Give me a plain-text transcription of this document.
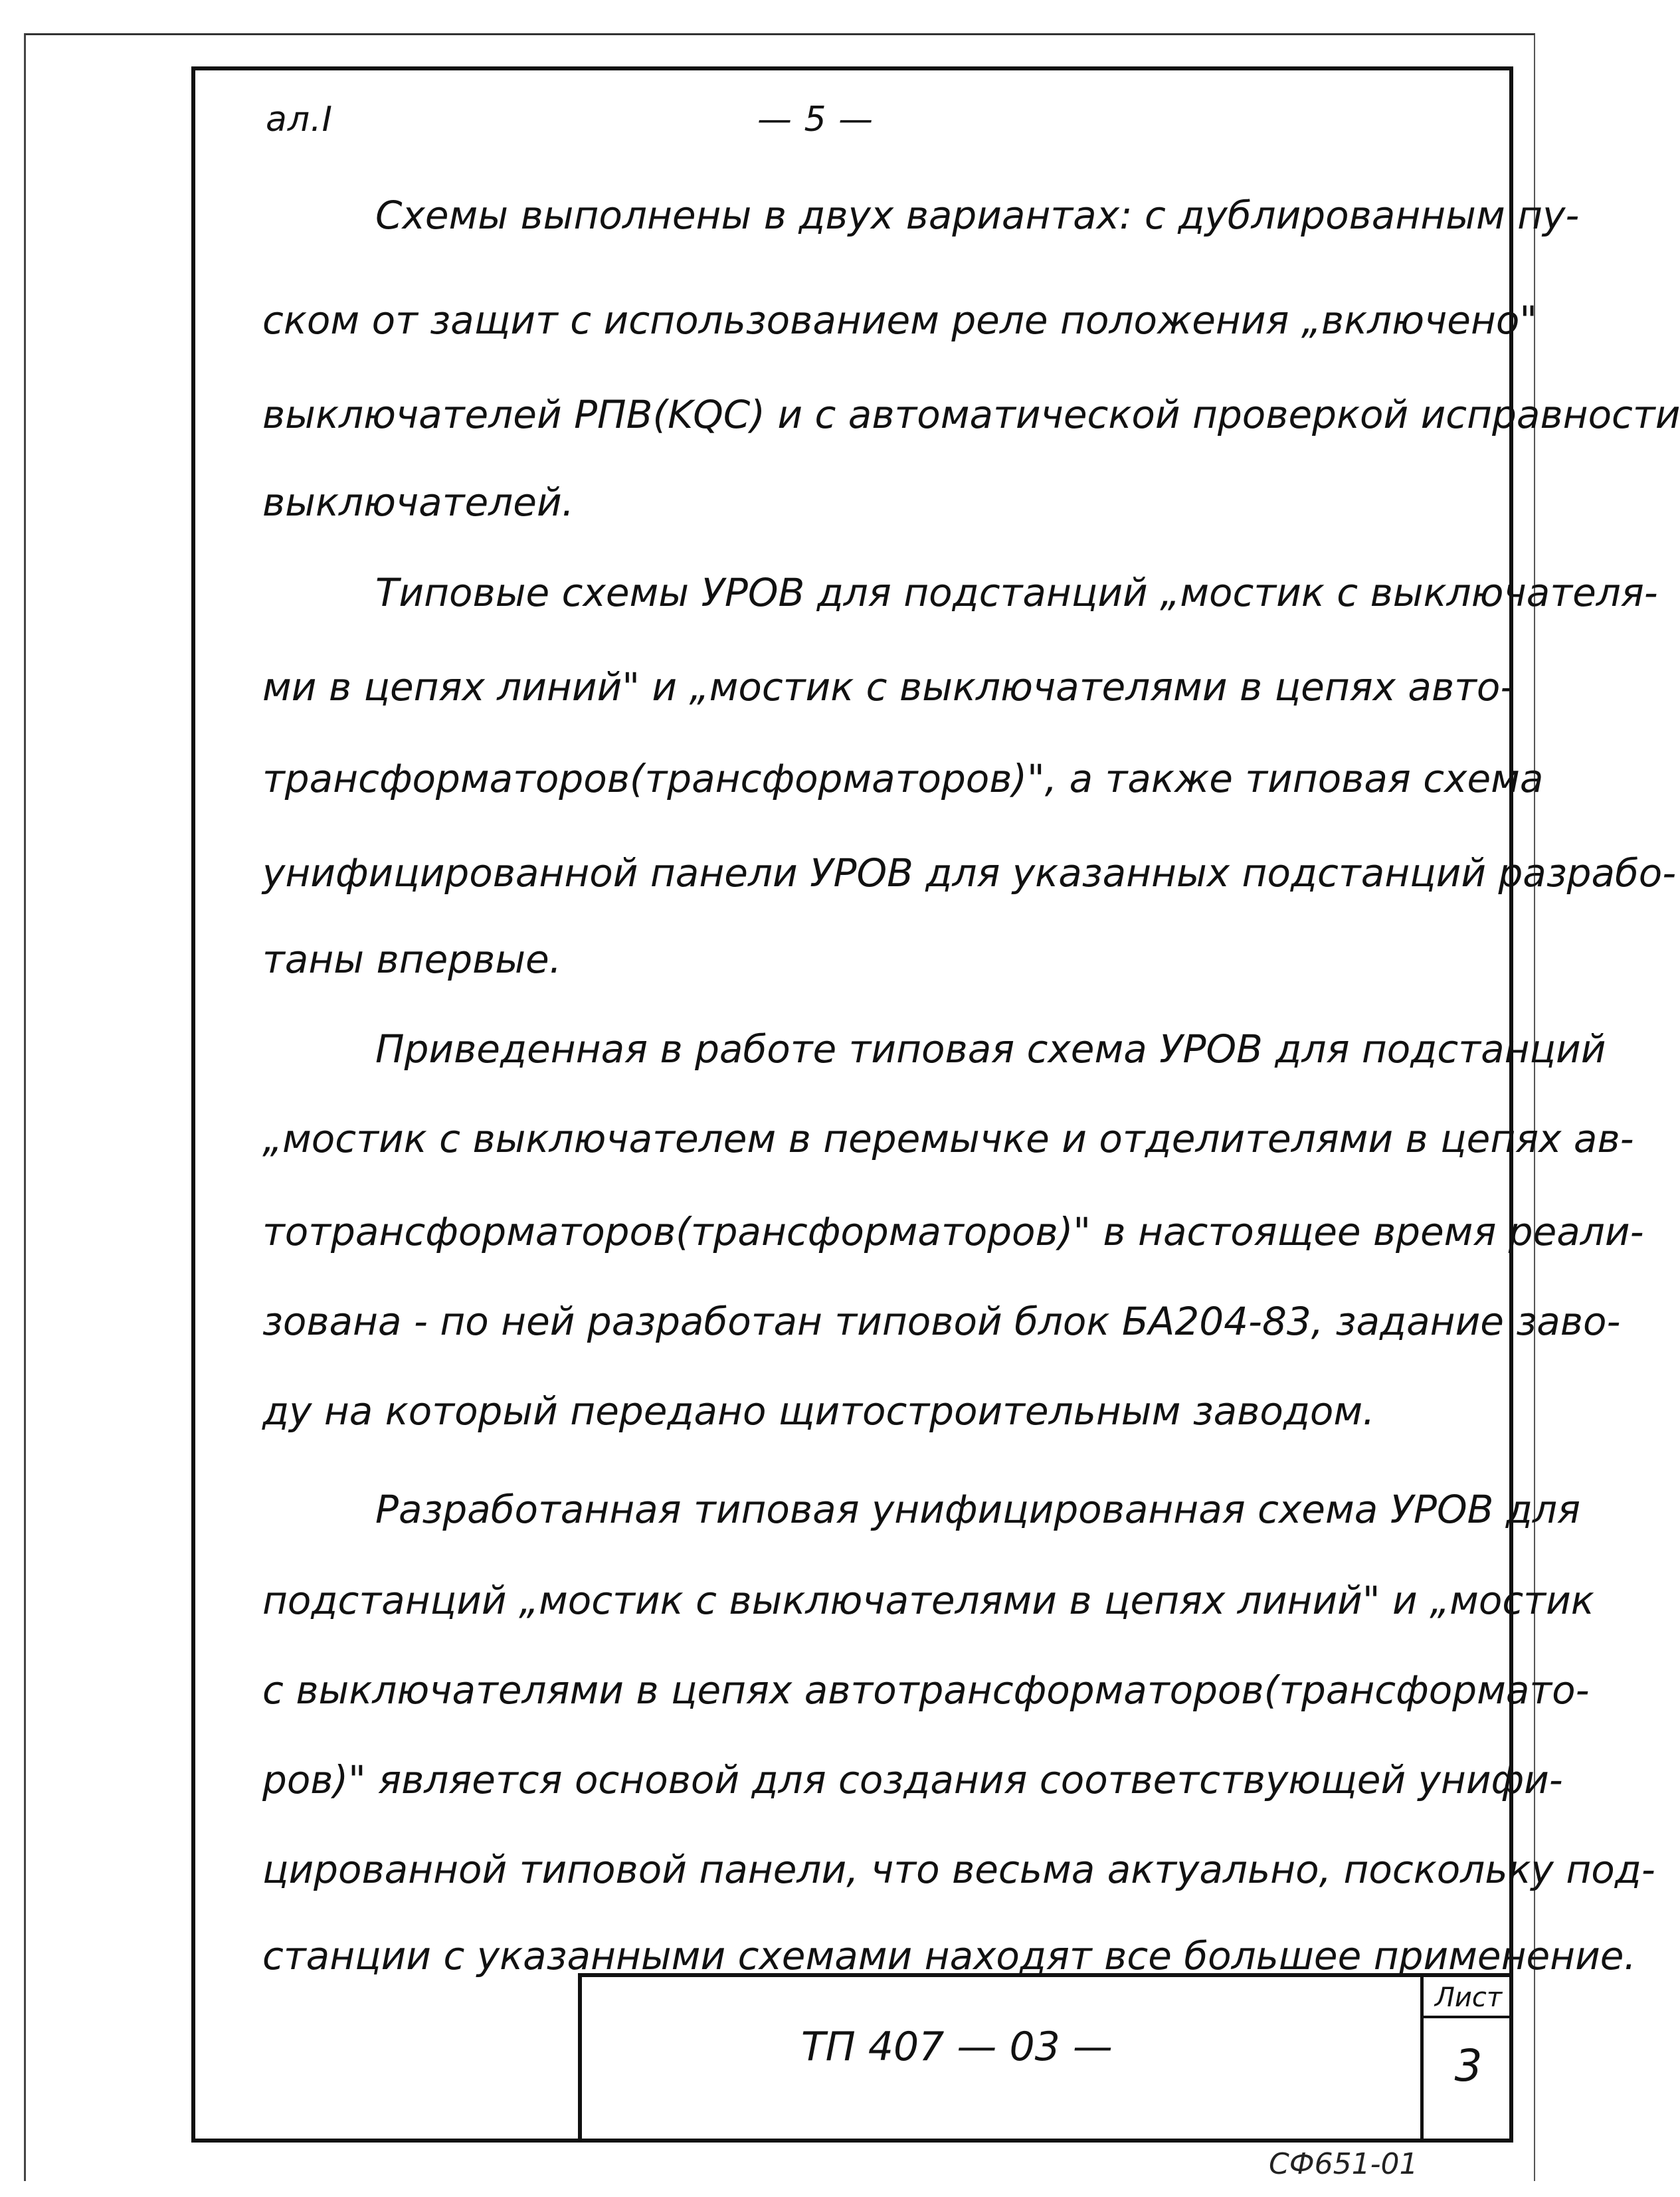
ал.I	— 5 —
Схемы выполнены в двух вариантах: с дублированным пу-
ском от защит с использованием реле положения „включено"
выключателей РПВ(KQC) и с автоматической проверкой исправности
выключателей.
Типовые схемы УРОВ для подстанций „мостик с выключателя-
ми в цепях линий" и „мостик с выключателями в цепях авто-
трансформаторов(трансформаторов)", а также типовая схема
унифицированной панели УРОВ для указанных подстанций разрабо-
таны впервые.
Приведенная в работе типовая схема УРОВ для подстанций
„мостик с выключателем в перемычке и отделителями в цепях ав-
тотрансформаторов(трансформаторов)" в настоящее время реали-
зована - по ней разработан типовой блок БА204-83, задание заво-
ду на который передано щитостроительным заводом.
Разработанная типовая унифицированная схема УРОВ для
подстанций „мостик с выключателями в цепях линий" и „мостик
с выключателями в цепях автотрансформаторов(трансформато-
ров)" является основой для создания соответствующей унифи-
цированной типовой панели, что весьма актуально, поскольку под-
станции с указанными схемами находят все большее применение.
ТП 407 — 03 —
Лист
3
СФ651-01
